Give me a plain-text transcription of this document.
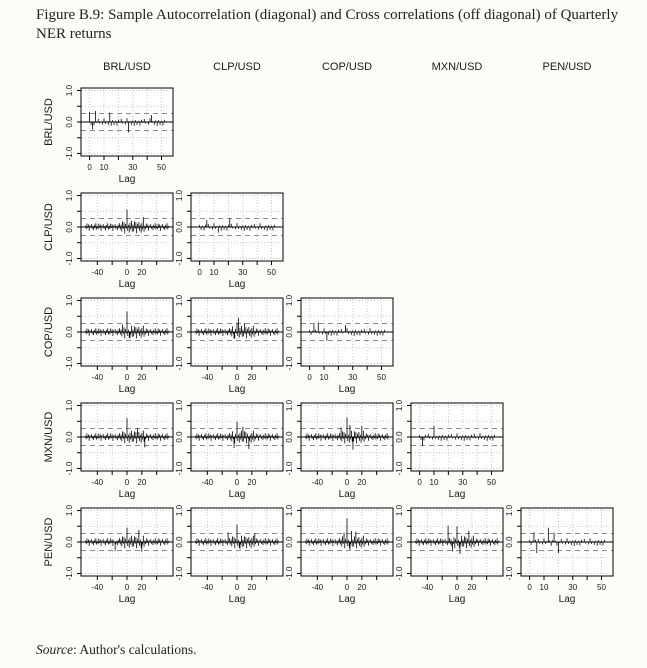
Figure B.9: Sample Autocorrelation (diagonal) and Cross correlations (off diagonal) of Quarterly NER returns
BRL/USD	CLP/USD	COP/USD	MXN/USD	PEN/USD
BRL/USD
CLP/USD
COP/USD
MXN/USD
PEN/USD
-1.0
0.0
1.0
0 10 30 50
Lag
-1.0
0.0
1.0
-40	0 20
Lag
-1.0
0.0
1.0
0 10 30 50
Lag
-1.0
0.0
1.0
-40	0 20
Lag
-1.0
0.0
1.0
-40	0 20
Lag
-1.0
0.0
1.0
0 10 30 50
Lag
-1.0
0.0
1.0
-40	0 20
Lag
-1.0
0.0
1.0
-40	0 20
Lag
-1.0
0.0
1.0
-40	0 20
Lag
-1.0
0.0
1.0
0 10 30 50
Lag
-1.0
0.0
1.0
-40	0 20
Lag
-1.0
0.0
1.0
-40	0 20
Lag
-1.0
0.0
1.0
-40	0 20
Lag
-1.0
0.0
1.0
-40	0 20
Lag
-1.0
0.0
1.0
0 10 30 50
Lag
Source: Author's calculations.
